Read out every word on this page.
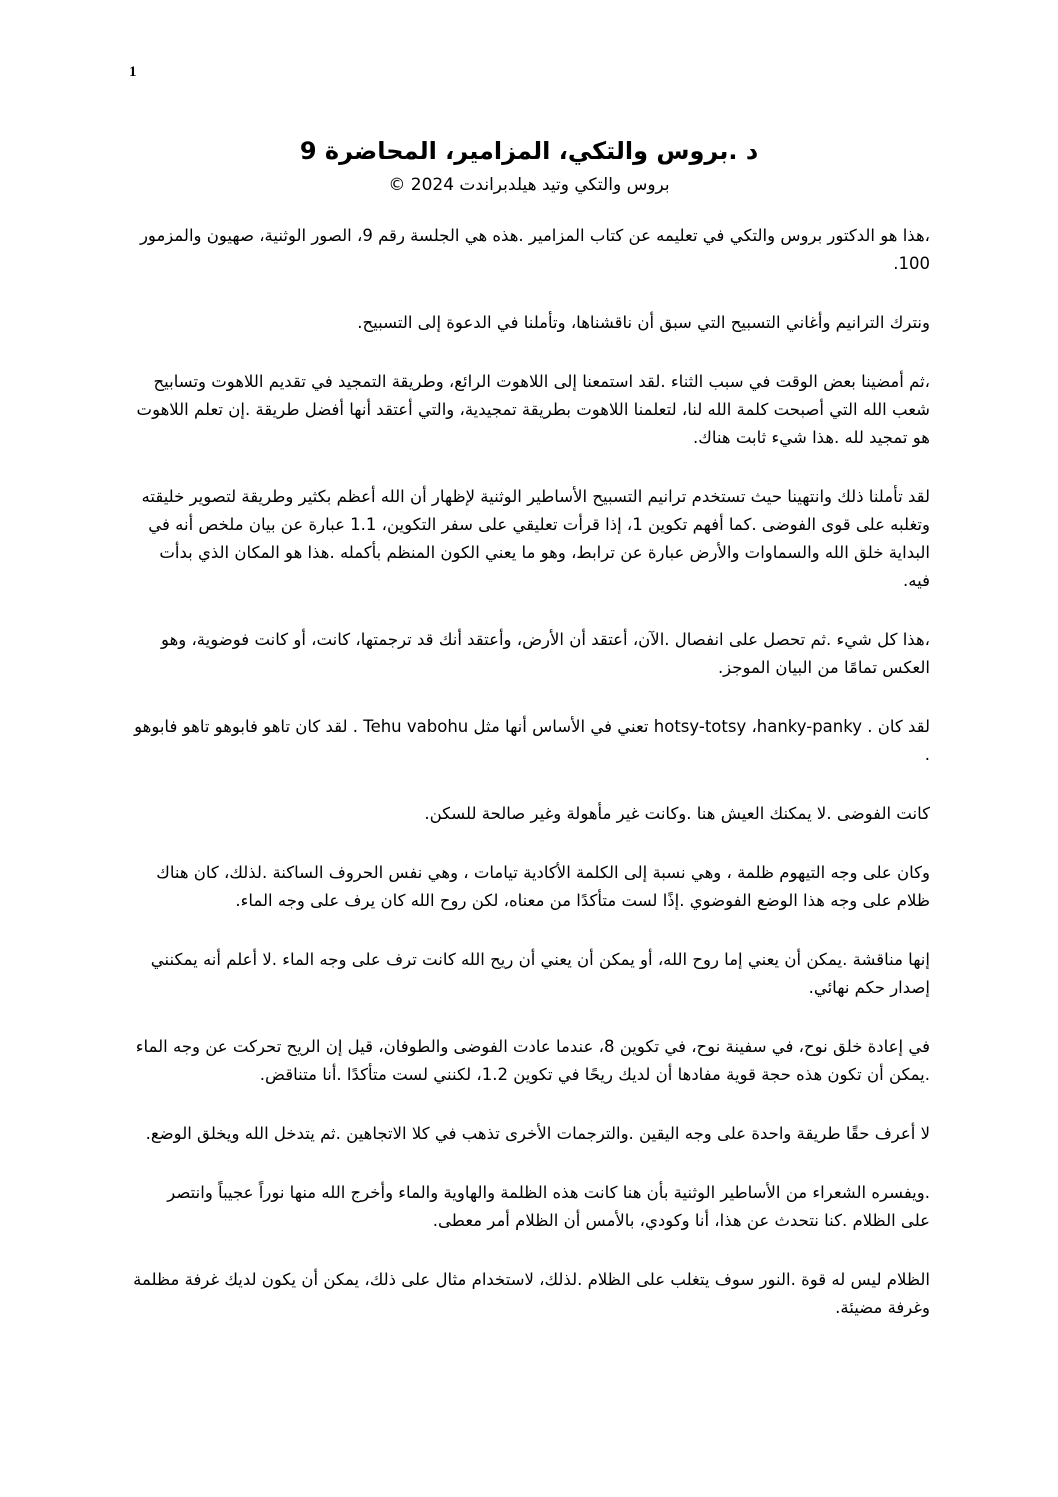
1
د .بروس والتكي، المزامير، المحاضرة 9
بروس والتكي وتيد هيلدبراندت 2024 ©

،هذا هو الدكتور بروس والتكي في تعليمه عن كتاب المزامير .هذه هي الجلسة رقم 9، الصور الوثنية، صهيون والمزمور 100.

ونترك الترانيم وأغاني التسبيح التي سبق أن ناقشناها، وتأملنا في الدعوة إلى التسبيح.

،ثم أمضينا بعض الوقت في سبب الثناء .لقد استمعنا إلى اللاهوت الرائع، وطريقة التمجيد في تقديم اللاهوت وتسابيح شعب الله التي أصبحت كلمة الله لنا، لتعلمنا اللاهوت بطريقة تمجيدية، والتي أعتقد أنها أفضل طريقة .إن تعلم اللاهوت هو تمجيد لله .هذا شيء ثابت هناك.

لقد تأملنا ذلك وانتهينا حيث تستخدم ترانيم التسبيح الأساطير الوثنية لإظهار أن الله أعظم بكثير وطريقة لتصوير خليقته وتغلبه على قوى الفوضى .كما أفهم تكوين 1، إذا قرأت تعليقي على سفر التكوين، 1.1 عبارة عن بيان ملخص أنه في البداية خلق الله والسماوات والأرض عبارة عن ترابط، وهو ما يعني الكون المنظم بأكمله .هذا هو المكان الذي بدأت فيه.

،هذا كل شيء .ثم تحصل على انفصال .الآن، أعتقد أن الأرض، وأعتقد أنك قد ترجمتها، كانت، أو كانت فوضوية، وهو العكس تمامًا من البيان الموجز.

لقد كان . hotsy-totsy ،hanky-panky تعني في الأساس أنها مثل Tehu vabohu . لقد كان تاهو فابوهو تاهو فابوهو .

كانت الفوضى .لا يمكنك العيش هنا .وكانت غير مأهولة وغير صالحة للسكن.

وكان على وجه التيهوم ظلمة ، وهي نسبة إلى الكلمة الأكادية تيامات ، وهي نفس الحروف الساكنة .لذلك، كان هناك ظلام على وجه هذا الوضع الفوضوي .إذًا لست متأكدًا من معناه، لكن روح الله كان يرف على وجه الماء.

إنها مناقشة .يمكن أن يعني إما روح الله، أو يمكن أن يعني أن ريح الله كانت ترف على وجه الماء .لا أعلم أنه يمكنني إصدار حكم نهائي.

في إعادة خلق نوح، في سفينة نوح، في تكوين 8، عندما عادت الفوضى والطوفان، قيل إن الريح تحركت عن وجه الماء .يمكن أن تكون هذه حجة قوية مفادها أن لديك ريحًا في تكوين 1.2، لكنني لست متأكدًا .أنا متناقض.

لا أعرف حقًا طريقة واحدة على وجه اليقين .والترجمات الأخرى تذهب في كلا الاتجاهين .ثم يتدخل الله ويخلق الوضع.

.ويفسره الشعراء من الأساطير الوثنية بأن هنا كانت هذه الظلمة والهاوية والماء وأخرج الله منها نوراً عجيباً وانتصر على الظلام .كنا نتحدث عن هذا، أنا وكودي، بالأمس أن الظلام أمر معطى.

الظلام ليس له قوة .النور سوف يتغلب على الظلام .لذلك، لاستخدام مثال على ذلك، يمكن أن يكون لديك غرفة مظلمة وغرفة مضيئة.
